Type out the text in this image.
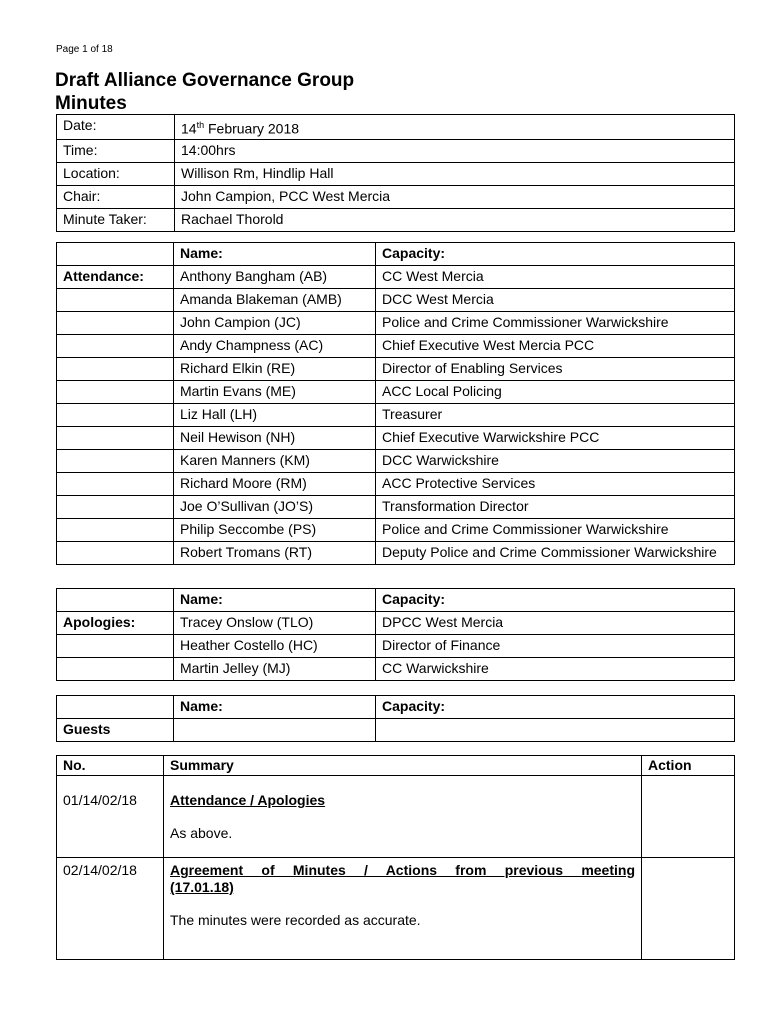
Page 1 of 18
Draft Alliance Governance Group
Minutes
Date:	14th February 2018
Time:	14:00hrs
Location:	Willison Rm, Hindlip Hall
Chair:	John Campion, PCC West Mercia
Minute Taker:	Rachael Thorold
	Name:	Capacity:
Attendance:	Anthony Bangham (AB)	CC West Mercia
	Amanda Blakeman (AMB)	DCC West Mercia
	John Campion (JC)	Police and Crime Commissioner Warwickshire
	Andy Champness (AC)	Chief Executive West Mercia PCC
	Richard Elkin (RE)	Director of Enabling Services
	Martin Evans (ME)	ACC Local Policing
	Liz Hall (LH)	Treasurer
	Neil Hewison (NH)	Chief Executive Warwickshire PCC
	Karen Manners (KM)	DCC Warwickshire
	Richard Moore (RM)	ACC Protective Services
	Joe O’Sullivan (JO’S)	Transformation Director
	Philip Seccombe (PS)	Police and Crime Commissioner Warwickshire
	Robert Tromans (RT)	Deputy Police and Crime Commissioner Warwickshire
	Name:	Capacity:
Apologies:	Tracey Onslow (TLO)	DPCC West Mercia
	Heather Costello (HC)	Director of Finance
	Martin Jelley (MJ)	CC Warwickshire
	Name:	Capacity:
Guests		
No.	Summary	Action
01/14/02/18	Attendance / Apologies

As above.	

02/14/02/18	Agreement of Minutes / Actions from previous meeting

(17.01.18)

The minutes were recorded as accurate.	
